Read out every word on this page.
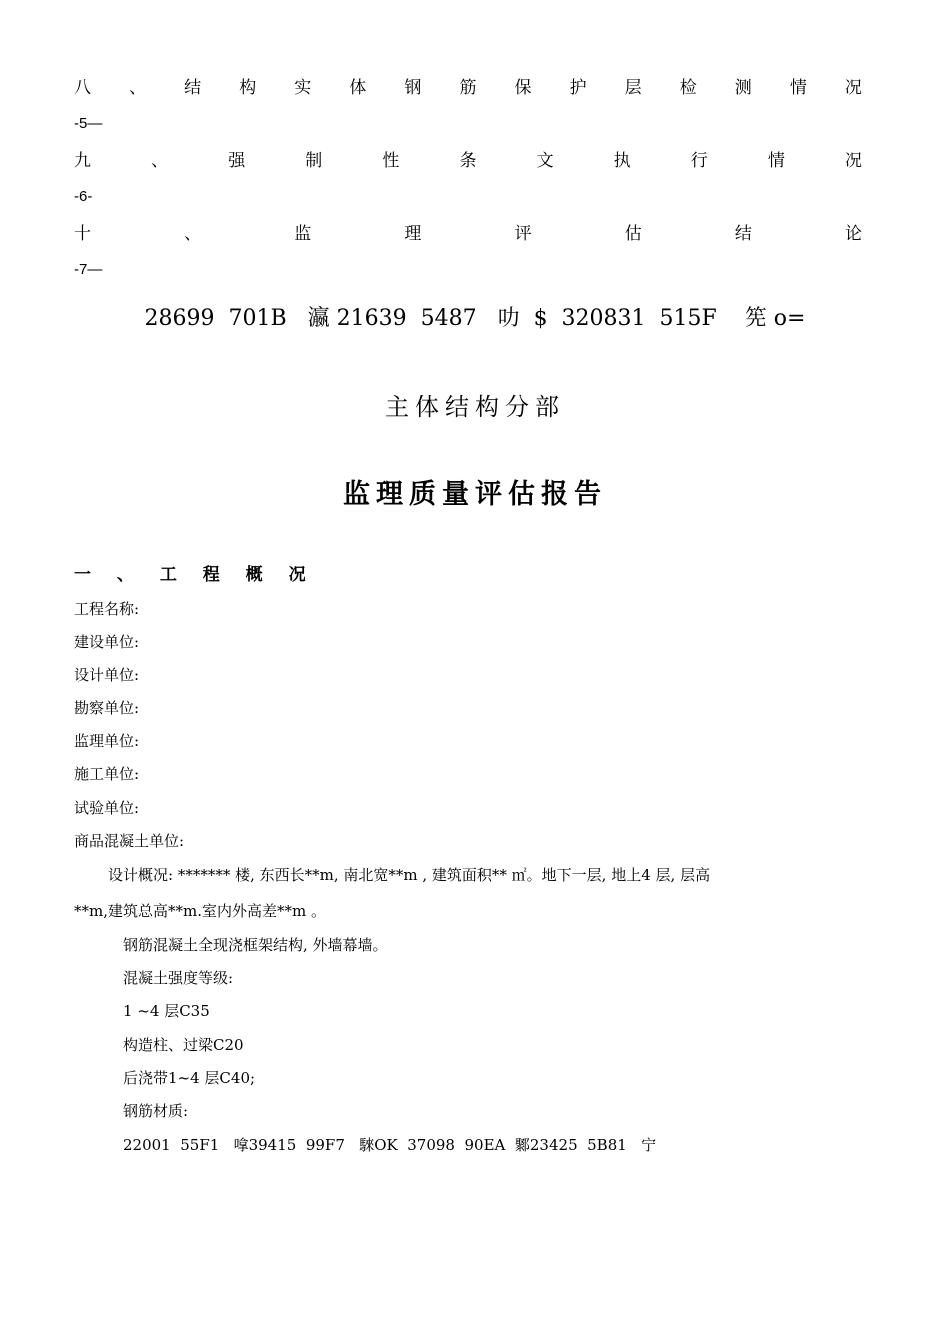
八 、 结 构 实 体 钢 筋 保 护 层 检 测 情 况
-5—
九	、	强	制	性	条	文	执	行	情	况
-6-
十	、	监	理	评	估	结	论
-7—
28699  701B   瀛 21639  5487   叻  $  320831  515F    筅 o=
主体结构分部
监理质量评估报告
一 、 工 程 概 况
工程名称:
建设单位:
设计单位:
勘察单位:
监理单位:
施工单位:
试验单位:
商品混凝土单位:
设计概况: ******* 楼, 东西长**m, 南北宽**m , 建筑面积** ㎡。地下一层, 地上4 层, 层高
**m,建筑总高**m.室内外高差**m 。
钢筋混凝土全现浇框架结构, 外墙幕墙。
混凝土强度等级:
1 ~4 层C35
构造柱、过梁C20
后浇带1~4 层C40;
钢筋材质:
22001  55F1   嗱39415  99F7   騋OK  37098  90EA  鄹23425  5B81   宁
